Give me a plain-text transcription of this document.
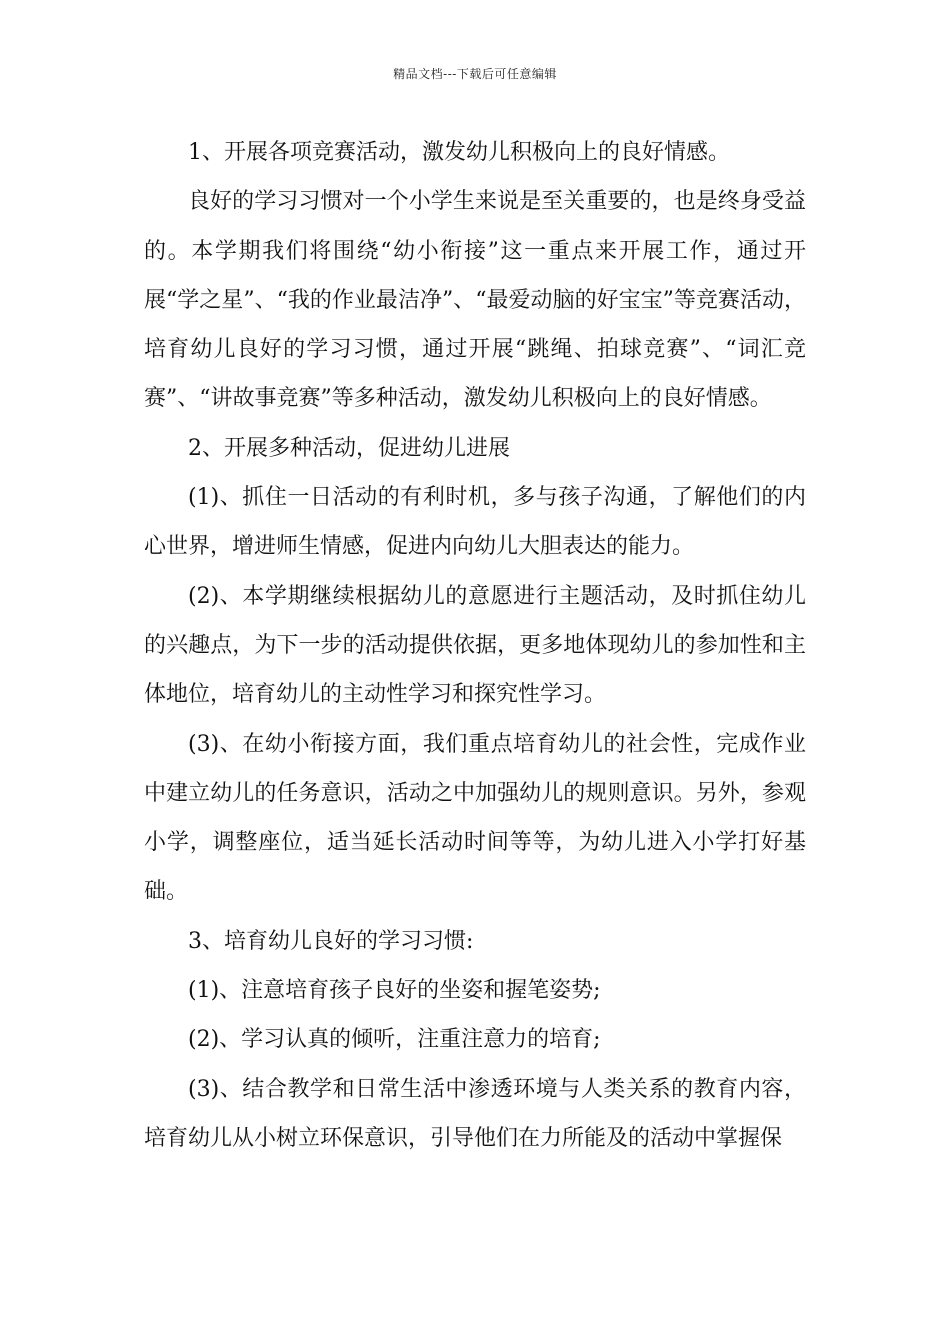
精品文档---下载后可任意编辑

1、开展各项竞赛活动，激发幼儿积极向上的良好情感。

良好的学习习惯对一个小学生来说是至关重要的，也是终身受益的。本学期我们将围绕“幼小衔接”这一重点来开展工作，通过开展“学之星”、“我的作业最洁净”、“最爱动脑的好宝宝”等竞赛活动，培育幼儿良好的学习习惯，通过开展“跳绳、拍球竞赛”、“词汇竞赛”、“讲故事竞赛”等多种活动，激发幼儿积极向上的良好情感。

2、开展多种活动，促进幼儿进展

(1)、抓住一日活动的有利时机，多与孩子沟通，了解他们的内心世界，增进师生情感，促进内向幼儿大胆表达的能力。

(2)、本学期继续根据幼儿的意愿进行主题活动，及时抓住幼儿的兴趣点，为下一步的活动提供依据，更多地体现幼儿的参加性和主体地位，培育幼儿的主动性学习和探究性学习。

(3)、在幼小衔接方面，我们重点培育幼儿的社会性，完成作业中建立幼儿的任务意识，活动之中加强幼儿的规则意识。另外，参观小学，调整座位，适当延长活动时间等等，为幼儿进入小学打好基础。

3、培育幼儿良好的学习习惯:

(1)、注意培育孩子良好的坐姿和握笔姿势;

(2)、学习认真的倾听，注重注意力的培育;

(3)、结合教学和日常生活中渗透环境与人类关系的教育内容，培育幼儿从小树立环保意识，引导他们在力所能及的活动中掌握保
